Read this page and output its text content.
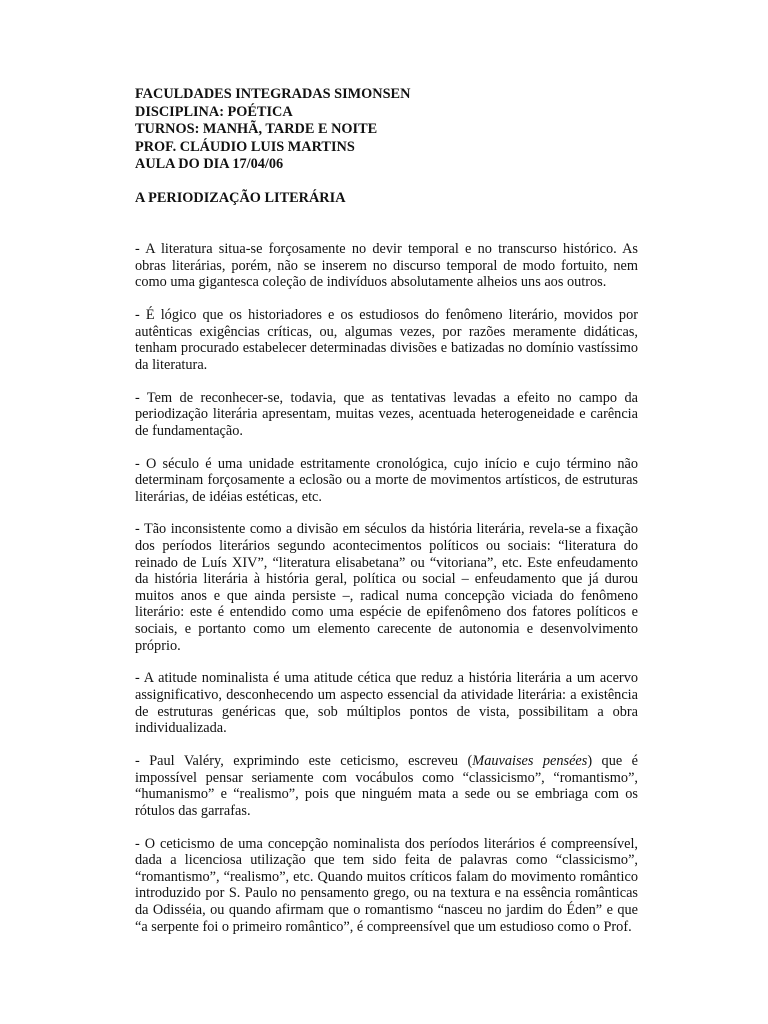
FACULDADES INTEGRADAS SIMONSEN

DISCIPLINA: POÉTICA

TURNOS: MANHÃ, TARDE E NOITE

PROF. CLÁUDIO LUIS MARTINS

AULA DO DIA 17/04/06

A PERIODIZAÇÃO LITERÁRIA

- A literatura situa-se forçosamente no devir temporal e no transcurso histórico. As obras literárias, porém, não se inserem no discurso temporal de modo fortuito, nem como uma gigantesca coleção de indivíduos absolutamente alheios uns aos outros.

- É lógico que os historiadores e os estudiosos do fenômeno literário, movidos por autênticas exigências críticas, ou, algumas vezes, por razões meramente didáticas, tenham procurado estabelecer determinadas divisões e batizadas no domínio vastíssimo da literatura.

- Tem de reconhecer-se, todavia, que as tentativas levadas a efeito no campo da periodização literária apresentam, muitas vezes, acentuada heterogeneidade e carência de fundamentação.

- O século é uma unidade estritamente cronológica, cujo início e cujo término não determinam forçosamente a eclosão ou a morte de movimentos artísticos, de estruturas literárias, de idéias estéticas, etc.

- Tão inconsistente como a divisão em séculos da história literária, revela-se a fixação dos períodos literários segundo acontecimentos políticos ou sociais: “literatura do reinado de Luís XIV”, “literatura elisabetana” ou “vitoriana”, etc. Este enfeudamento da história literária à história geral, política ou social – enfeudamento que já durou muitos anos e que ainda persiste –, radical numa concepção viciada do fenômeno literário: este é entendido como uma espécie de epifenômeno dos fatores políticos e sociais, e portanto como um elemento carecente de autonomia e desenvolvimento próprio.

- A atitude nominalista é uma atitude cética que reduz a história literária a um acervo assignificativo, desconhecendo um aspecto essencial da atividade literária: a existência de estruturas genéricas que, sob múltiplos pontos de vista, possibilitam a obra individualizada.

- Paul Valéry, exprimindo este ceticismo, escreveu (Mauvaises pensées) que é impossível pensar seriamente com vocábulos como “classicismo”, “romantismo”, “humanismo” e “realismo”, pois que ninguém mata a sede ou se embriaga com os rótulos das garrafas.

- O ceticismo de uma concepção nominalista dos períodos literários é compreensível, dada a licenciosa utilização que tem sido feita de palavras como “classicismo”, “romantismo”, “realismo”, etc. Quando muitos críticos falam do movimento romântico introduzido por S. Paulo no pensamento grego, ou na textura e na essência românticas da Odisséia, ou quando afirmam que o romantismo “nasceu no jardim do Éden” e que “a serpente foi o primeiro romântico”, é compreensível que um estudioso como o Prof.
